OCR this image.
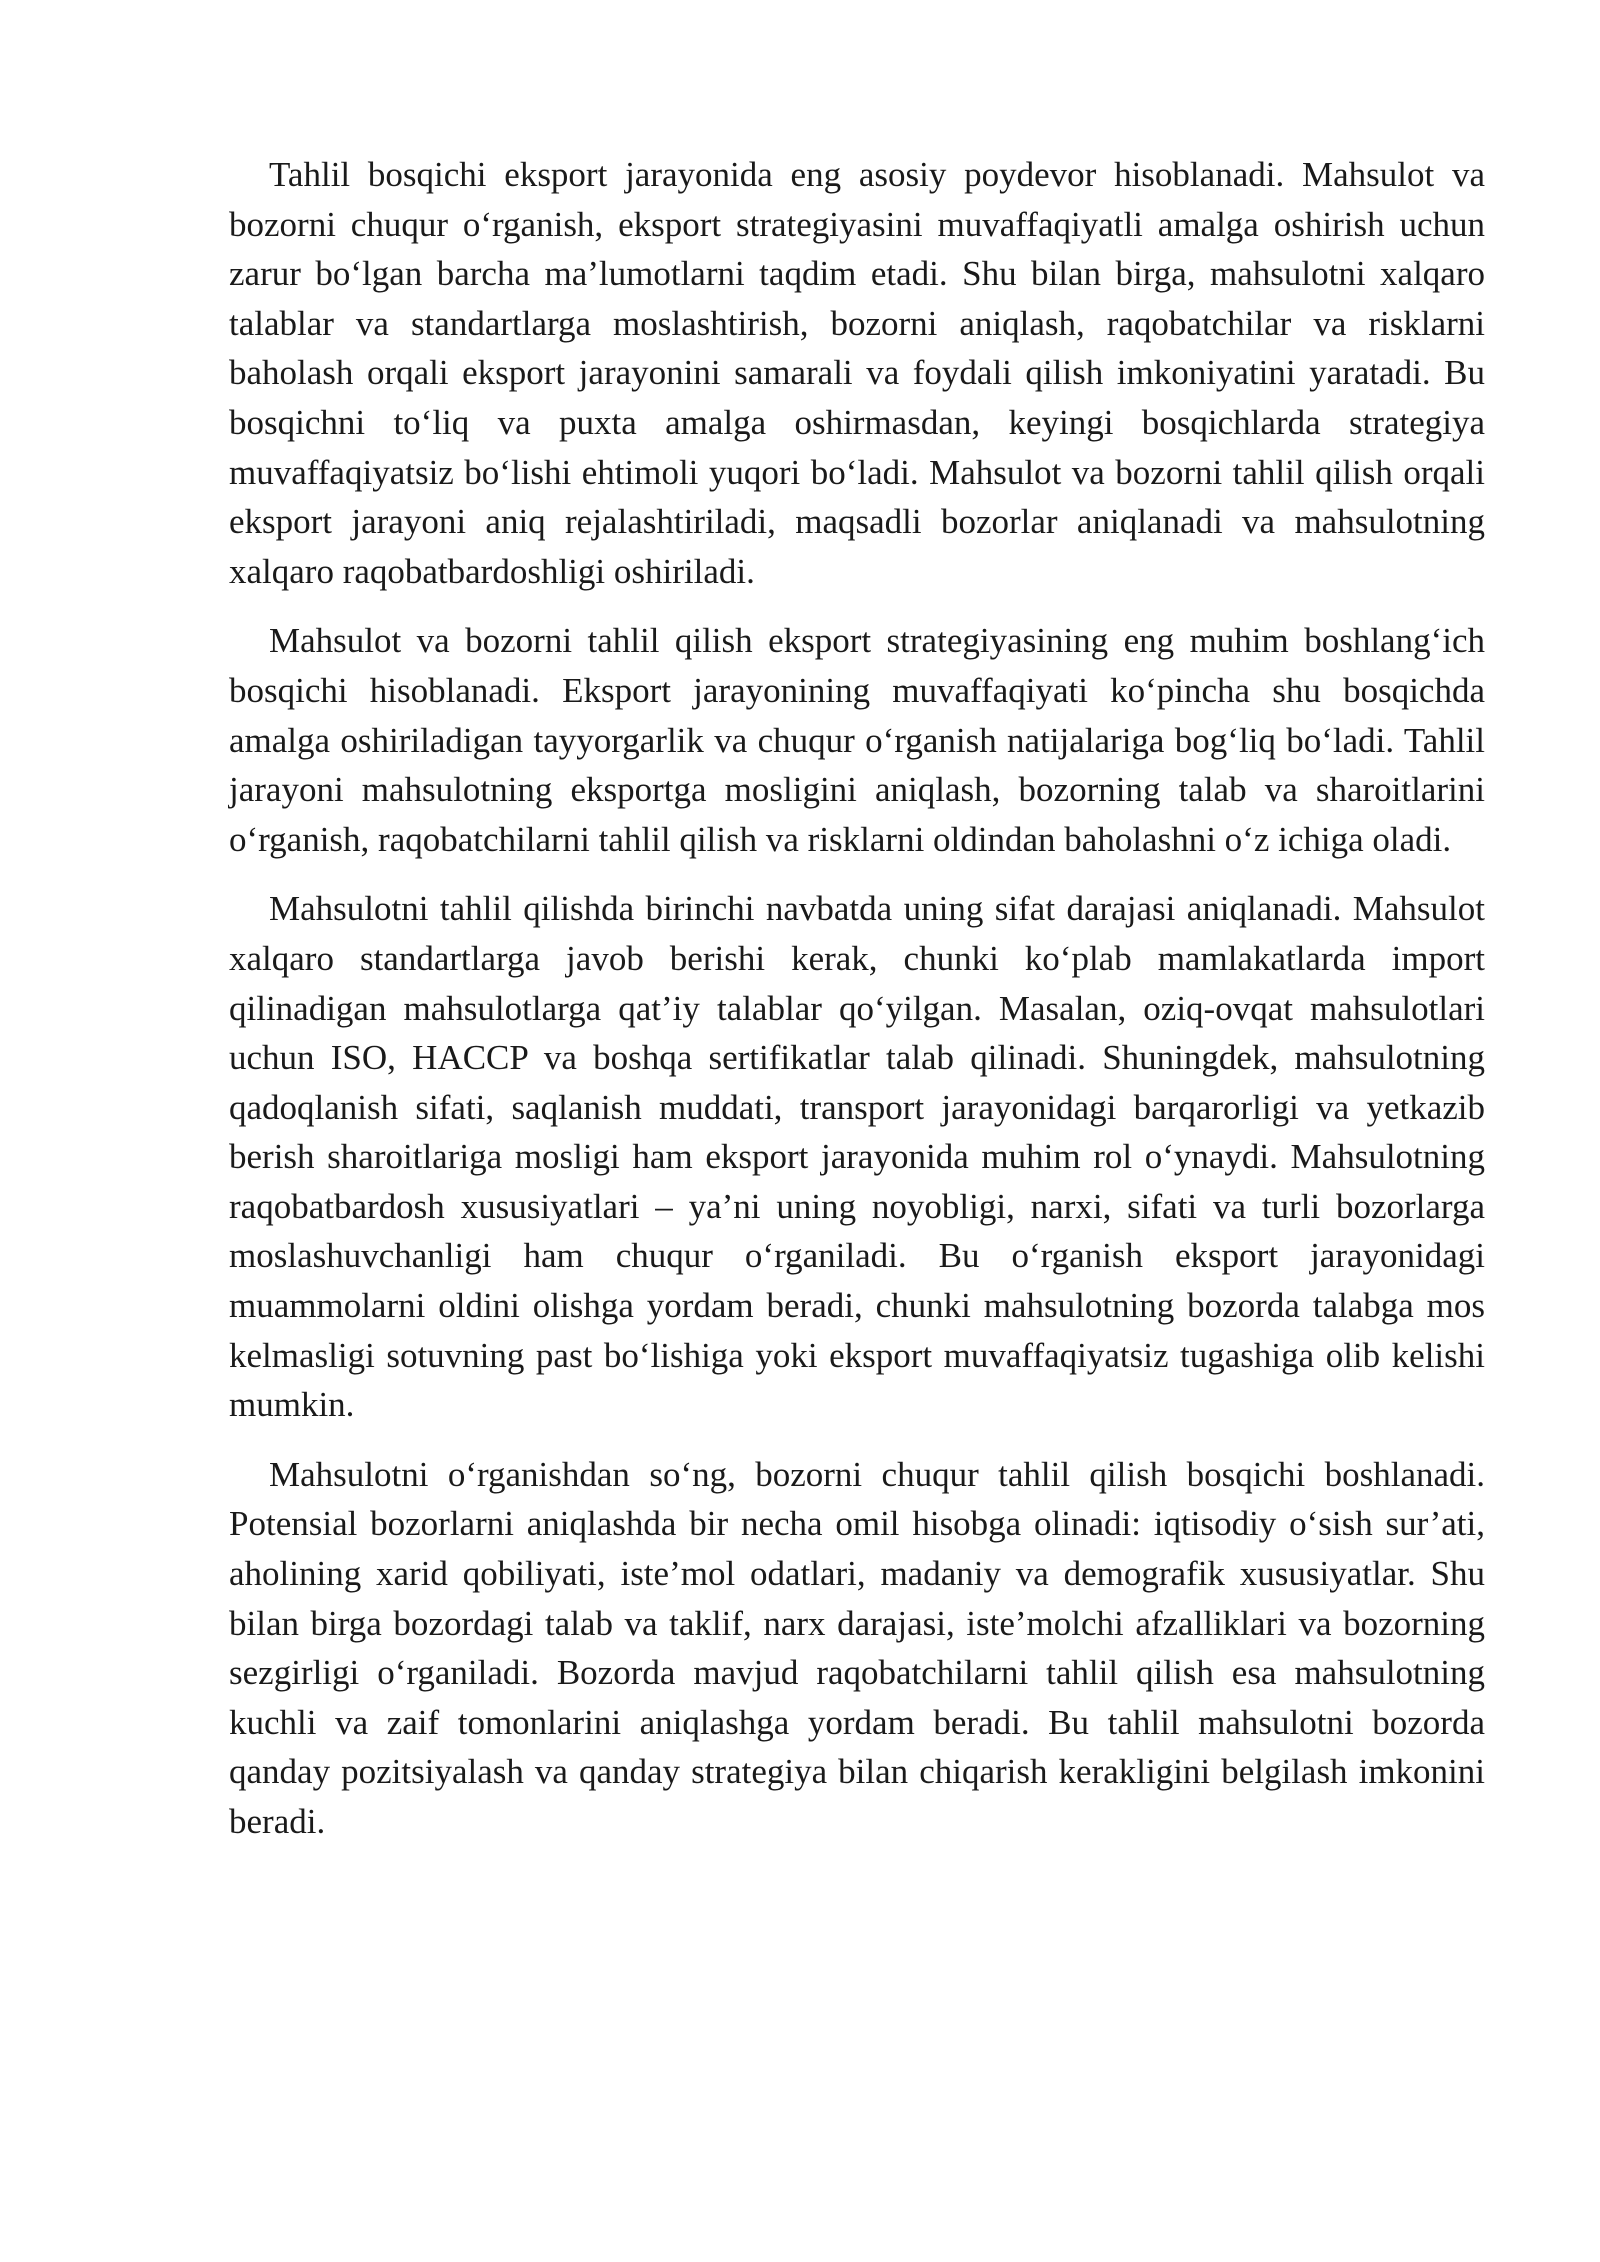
Tahlil bosqichi eksport jarayonida eng asosiy poydevor hisoblanadi. Mahsulot va bozorni chuqur o‘rganish, eksport strategiyasini muvaffaqiyatli amalga oshirish uchun zarur bo‘lgan barcha ma’lumotlarni taqdim etadi. Shu bilan birga, mahsulotni xalqaro talablar va standartlarga moslashtirish, bozorni aniqlash, raqobatchilar va risklarni baholash orqali eksport jarayonini samarali va foydali qilish imkoniyatini yaratadi. Bu bosqichni to‘liq va puxta amalga oshirmasdan, keyingi bosqichlarda strategiya muvaffaqiyatsiz bo‘lishi ehtimoli yuqori bo‘ladi. Mahsulot va bozorni tahlil qilish orqali eksport jarayoni aniq rejalashtiriladi, maqsadli bozorlar aniqlanadi va mahsulotning xalqaro raqobatbardoshligi oshiriladi.

Mahsulot va bozorni tahlil qilish eksport strategiyasining eng muhim boshlang‘ich bosqichi hisoblanadi. Eksport jarayonining muvaffaqiyati ko‘pincha shu bosqichda amalga oshiriladigan tayyorgarlik va chuqur o‘rganish natijalariga bog‘liq bo‘ladi. Tahlil jarayoni mahsulotning eksportga mosligini aniqlash, bozorning talab va sharoitlarini o‘rganish, raqobatchilarni tahlil qilish va risklarni oldindan baholashni o‘z ichiga oladi.

Mahsulotni tahlil qilishda birinchi navbatda uning sifat darajasi aniqlanadi. Mahsulot xalqaro standartlarga javob berishi kerak, chunki ko‘plab mamlakatlarda import qilinadigan mahsulotlarga qat’iy talablar qo‘yilgan. Masalan, oziq-ovqat mahsulotlari uchun ISO, HACCP va boshqa sertifikatlar talab qilinadi. Shuningdek, mahsulotning qadoqlanish sifati, saqlanish muddati, transport jarayonidagi barqarorligi va yetkazib berish sharoitlariga mosligi ham eksport jarayonida muhim rol o‘ynaydi. Mahsulotning raqobatbardosh xususiyatlari – ya’ni uning noyobligi, narxi, sifati va turli bozorlarga moslashuvchanligi ham chuqur o‘rganiladi. Bu o‘rganish eksport jarayonidagi muammolarni oldini olishga yordam beradi, chunki mahsulotning bozorda talabga mos kelmasligi sotuvning past bo‘lishiga yoki eksport muvaffaqiyatsiz tugashiga olib kelishi mumkin.

Mahsulotni o‘rganishdan so‘ng, bozorni chuqur tahlil qilish bosqichi boshlanadi. Potensial bozorlarni aniqlashda bir necha omil hisobga olinadi: iqtisodiy o‘sish sur’ati, aholining xarid qobiliyati, iste’mol odatlari, madaniy va demografik xususiyatlar. Shu bilan birga bozordagi talab va taklif, narx darajasi, iste’molchi afzalliklari va bozorning sezgirligi o‘rganiladi. Bozorda mavjud raqobatchilarni tahlil qilish esa mahsulotning kuchli va zaif tomonlarini aniqlashga yordam beradi. Bu tahlil mahsulotni bozorda qanday pozitsiyalash va qanday strategiya bilan chiqarish kerakligini belgilash imkonini beradi.
